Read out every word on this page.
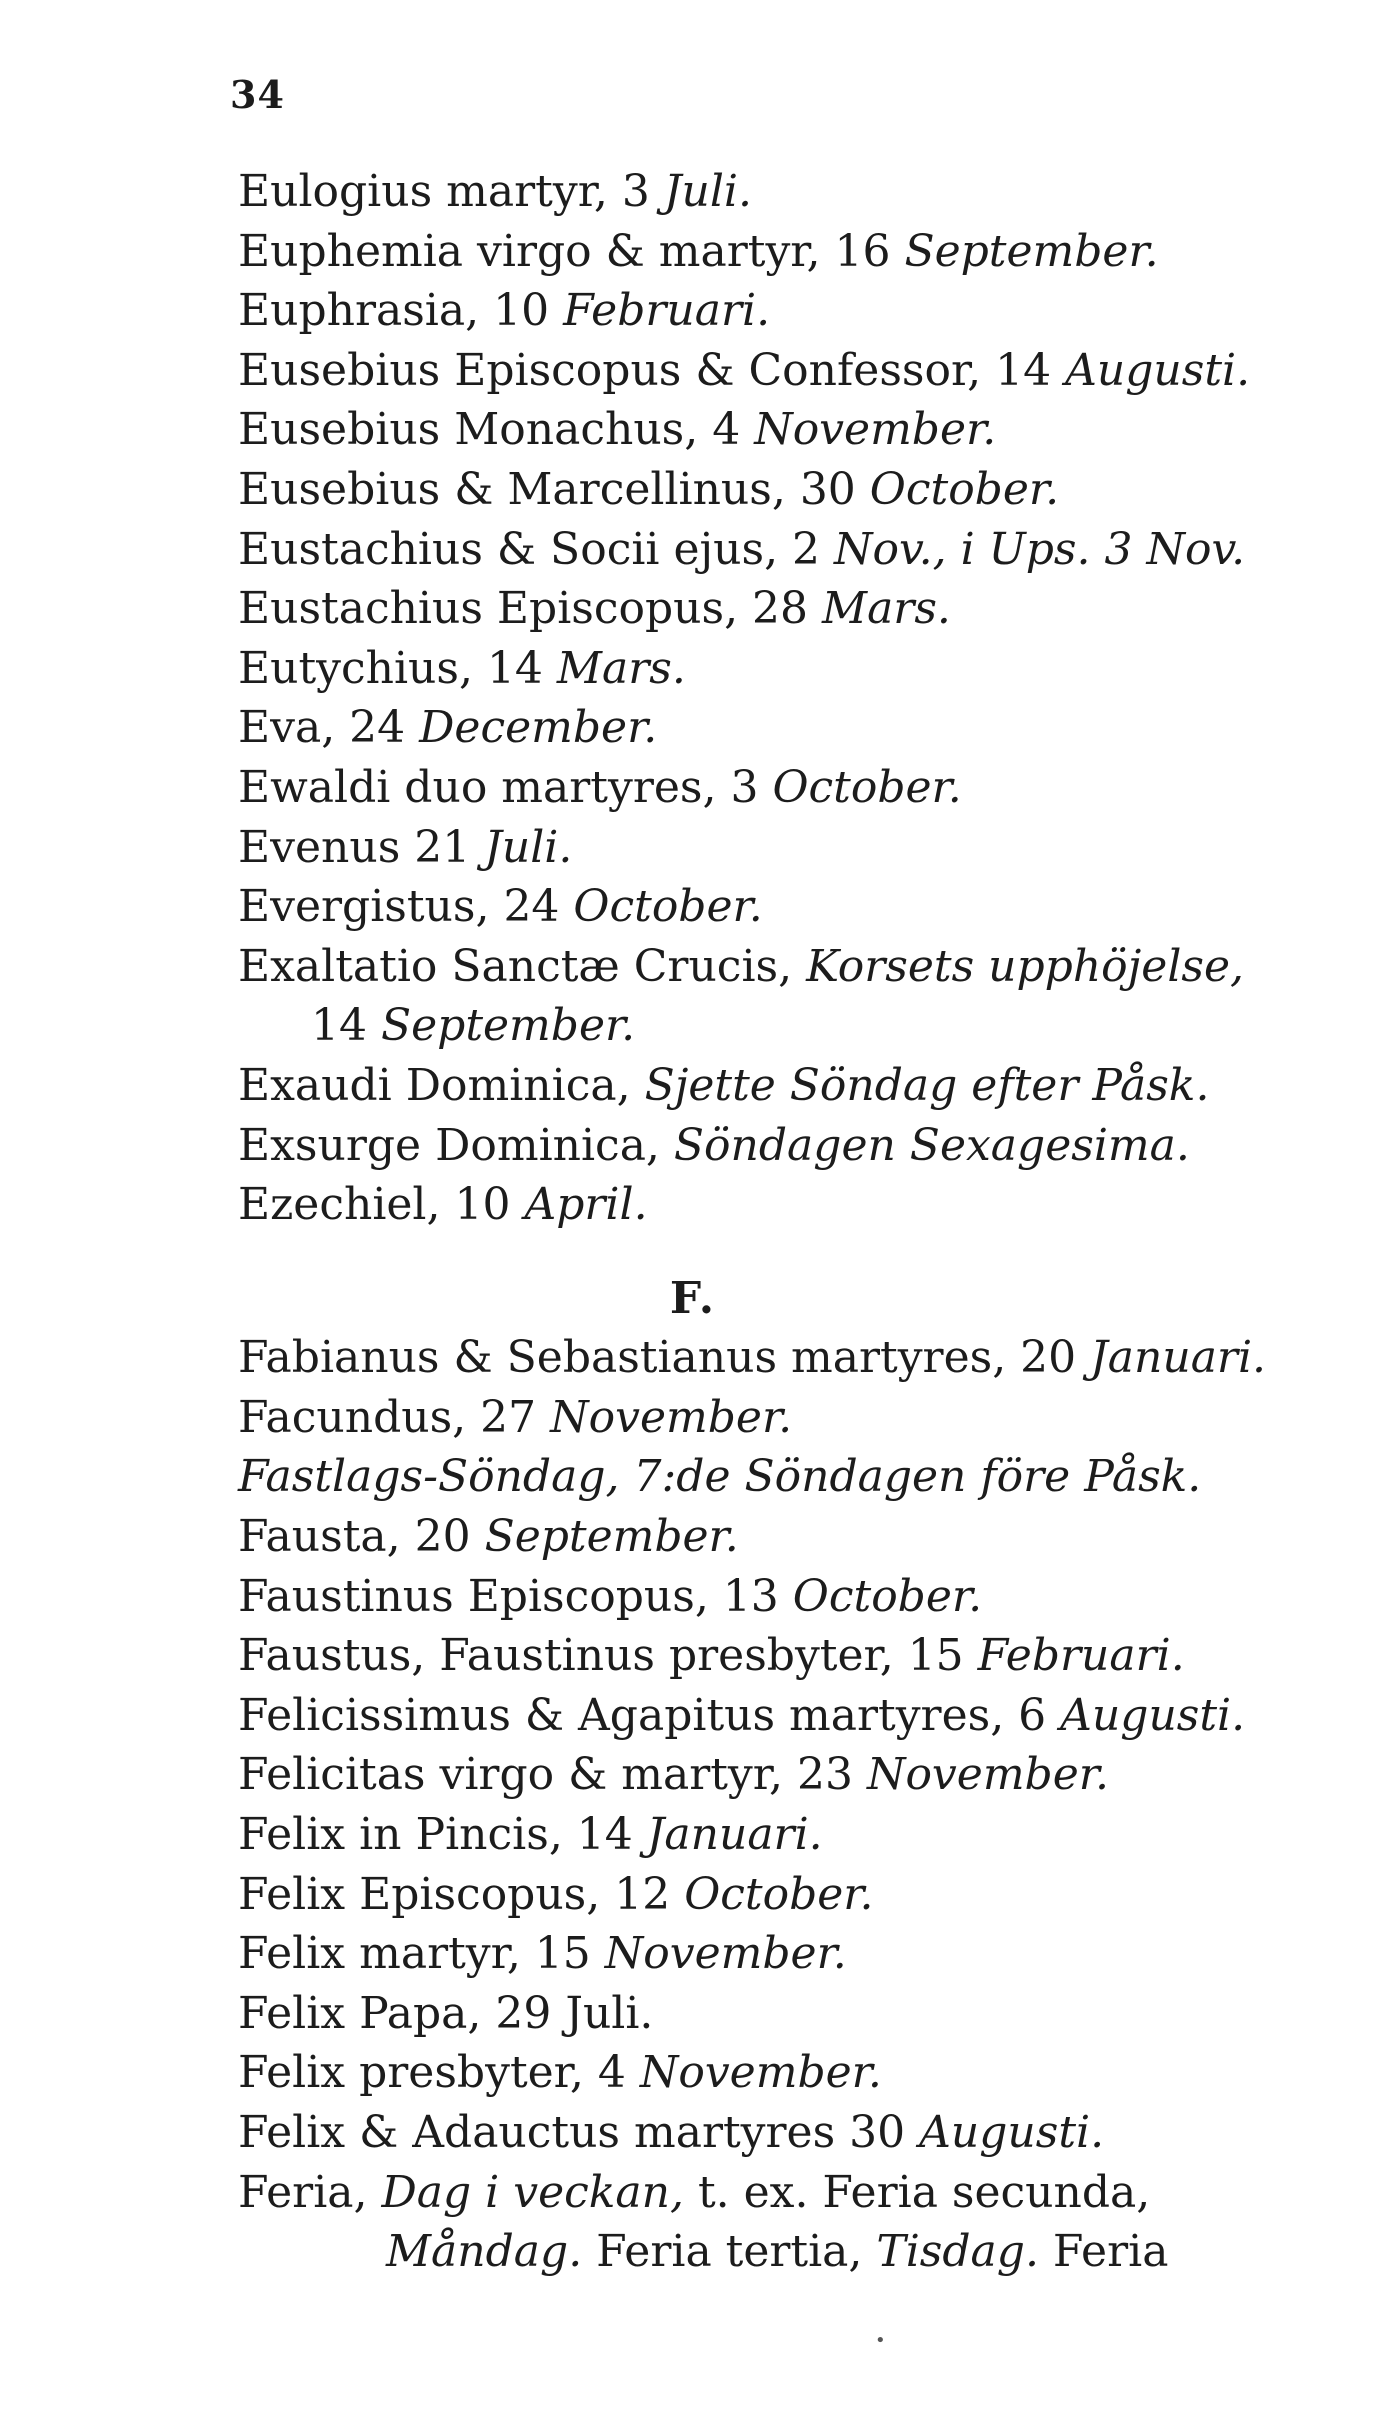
34
Eulogius martyr, 3 Juli.
Euphemia virgo & martyr, 16 September.
Euphrasia, 10 Februari.
Eusebius Episcopus & Confessor, 14 Augusti.
Eusebius Monachus, 4 November.
Eusebius & Marcellinus, 30 October.
Eustachius & Socii ejus, 2 Nov., i Ups. 3 Nov.
Eustachius Episcopus, 28 Mars.
Eutychius, 14 Mars.
Eva, 24 December.
Ewaldi duo martyres, 3 October.
Evenus 21 Juli.
Evergistus, 24 October.
Exaltatio Sanctæ Crucis, Korsets upphöjelse,
14 September.
Exaudi Dominica, Sjette Söndag efter Påsk.
Exsurge Dominica, Söndagen Sexagesima.
Ezechiel, 10 April.
F.
Fabianus & Sebastianus martyres, 20 Januari.
Facundus, 27 November.
Fastlags-Söndag, 7:de Söndagen före Påsk.
Fausta, 20 September.
Faustinus Episcopus, 13 October.
Faustus, Faustinus presbyter, 15 Februari.
Felicissimus & Agapitus martyres, 6 Augusti.
Felicitas virgo & martyr, 23 November.
Felix in Pincis, 14 Januari.
Felix Episcopus, 12 October.
Felix martyr, 15 November.
Felix Papa, 29 Juli.
Felix presbyter, 4 November.
Felix & Adauctus martyres 30 Augusti.
Feria, Dag i veckan, t. ex. Feria secunda,
Måndag. Feria tertia, Tisdag. Feria
•
